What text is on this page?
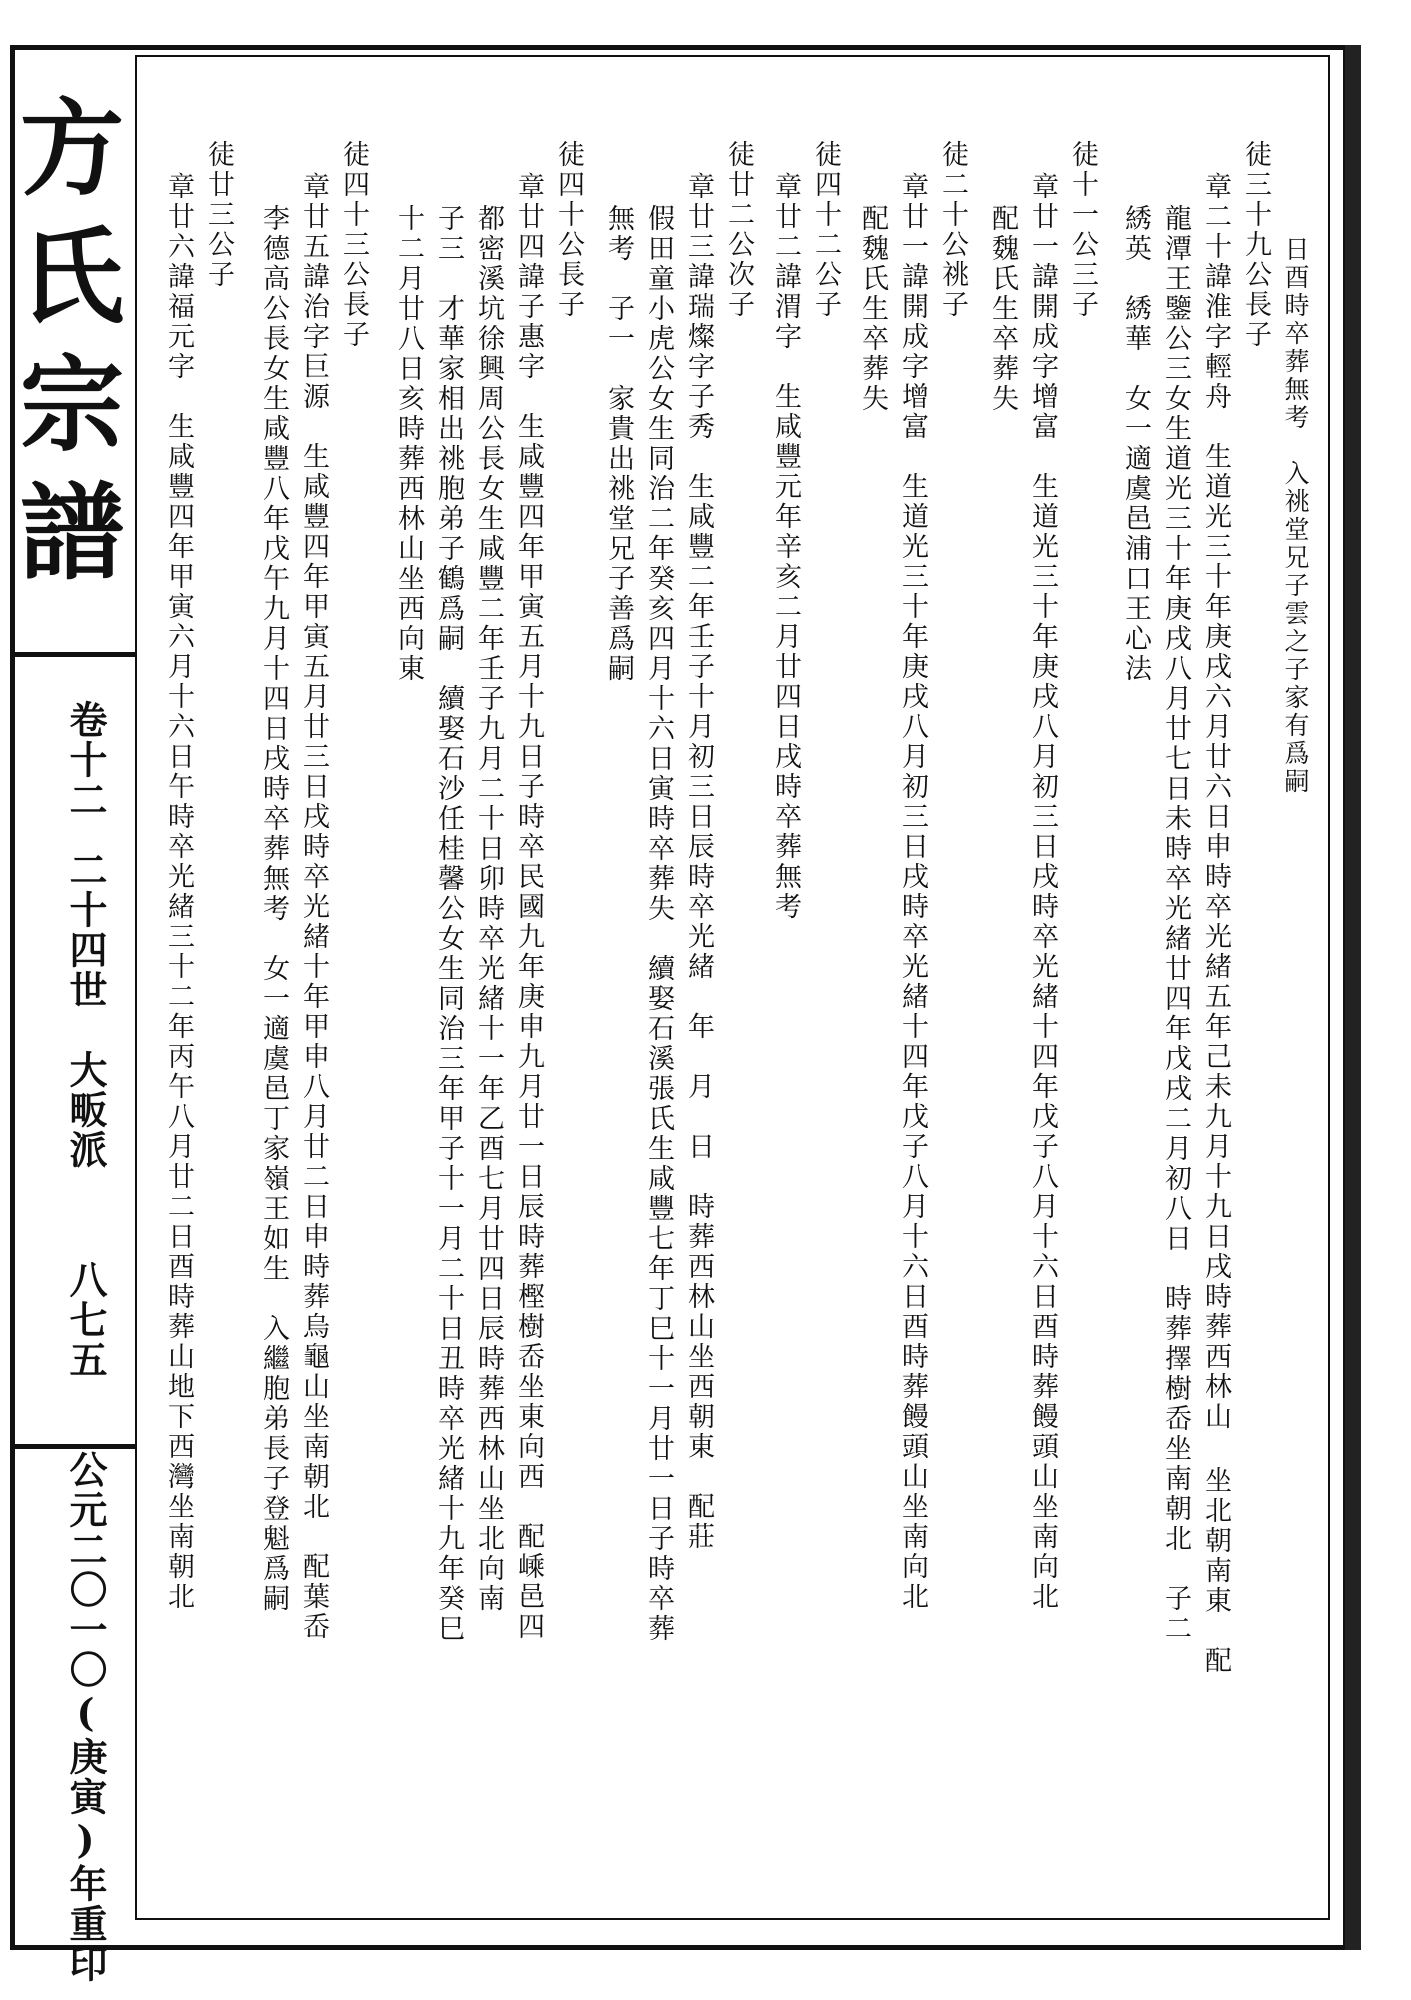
方
氏
宗
譜
卷十二二十四世大畈派八七五公元二〇一〇(庚寅)年重印
徒三十九公長子 日酉時卒葬無考　入祧堂兄子雲之子家有爲嗣
章二十諱淮字輕舟　生道光三十年庚戌六月廿六日申時卒光緒五年己未九月十九日戌時葬西林山 坐北朝南東　配
龍潭王鑒公三女生道光三十年庚戌八月廿七日未時卒光緒廿四年戊戌二月初八日　時葬擇樹岙坐南朝北　子二
綉英　綉華　女一適虞邑浦口王心法
徒十一公三子
章廿一諱開成字增富　生道光三十年庚戌八月初三日戌時卒光緒十四年戊子八月十六日酉時葬饅頭山坐南向北
配魏氏生卒葬失
徒二十公祧子
章廿一諱開成字增富　生道光三十年庚戌八月初三日戌時卒光緒十四年戊子八月十六日酉時葬饅頭山坐南向北
配魏氏生卒葬失
徒四十二公子
章廿二諱渭字　生咸豐元年辛亥二月廿四日戌時卒葬無考
徒廿二公次子
章廿三諱瑞燦字子秀　生咸豐二年壬子十月初三日辰時卒光緒　年　月　日　時葬西林山坐西朝東　配莊
假田童小虎公女生同治二年癸亥四月十六日寅時卒葬失　續娶石溪張氏生咸豐七年丁巳十一月廿一日子時卒葬
無考　子一　家貴出祧堂兄子善爲嗣
徒四十公長子
章廿四諱子惠字　生咸豐四年甲寅五月十九日子時卒民國九年庚申九月廿一日辰時葬樫樹岙坐東向西　配嵊邑四
都密溪坑徐興周公長女生咸豐二年壬子九月二十日卯時卒光緒十一年乙酉七月廿四日辰時葬西林山坐北向南
子三　才華家相出祧胞弟子鶴爲嗣　續娶石沙任桂馨公女生同治三年甲子十一月二十日丑時卒光緒十九年癸巳
十二月廿八日亥時葬西林山坐西向東
徒四十三公長子
章廿五諱治字巨源　生咸豐四年甲寅五月廿三日戌時卒光緒十年甲申八月廿二日申時葬烏龜山坐南朝北　配葉岙
李德高公長女生咸豐八年戊午九月十四日戌時卒葬無考　女一適虞邑丁家嶺王如生　入繼胞弟長子登魁爲嗣
徒廿三公子
章廿六諱福元字　生咸豐四年甲寅六月十六日午時卒光緒三十二年丙午八月廿二日酉時葬山地下西灣坐南朝北
